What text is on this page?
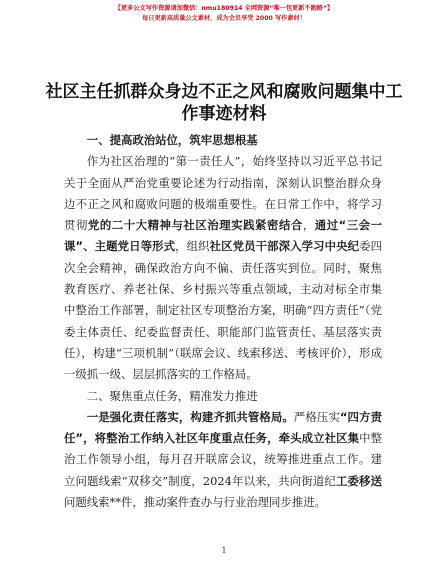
【更多公文写作资源请加微信：nmu180914 全网资源“唯一包更新不跑路”】
每日更新高质量公文素材，成为会员享受 2000 写作素材！
社区主任抓群众身边不正之风和腐败问题集中工作事迹材料

一、提高政治站位，筑牢思想根基

作为社区治理的“第一责任人”，始终坚持以习近平总书记关于全面从严治党重要论述为行动指南，深刻认识整治群众身边不正之风和腐败问题的极端重要性。在日常工作中，将学习贯彻党的二十大精神与社区治理实践紧密结合，通过“三会一课”、主题党日等形式，组织社区党员干部深入学习中央纪委四次全会精神，确保政治方向不偏、责任落实到位。同时，聚焦教育医疗、养老社保、乡村振兴等重点领域，主动对标全市集中整治工作部署，制定社区专项整治方案，明确“四方责任”（党委主体责任、纪委监督责任、职能部门监管责任、基层落实责任），构建“三项机制”（联席会议、线索移送、考核评价），形成一级抓一级、层层抓落实的工作格局。

二、聚焦重点任务，精准发力推进

一是强化责任落实，构建齐抓共管格局。严格压实“四方责任”，将整治工作纳入社区年度重点任务，牵头成立社区集中整治工作领导小组，每月召开联席会议，统筹推进重点工作。建立问题线索“双移交”制度，2024年以来，共向街道纪工委移送问题线索**件，推动案件查办与行业治理同步推进。

1
